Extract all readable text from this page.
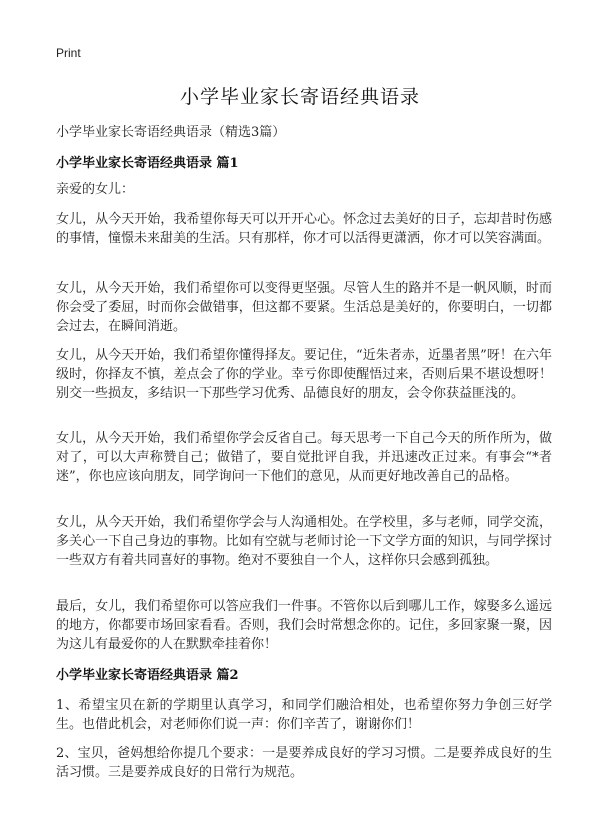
Print
小学毕业家长寄语经典语录
小学毕业家长寄语经典语录（精选3篇）
小学毕业家长寄语经典语录 篇1
亲爱的女儿：
女儿，从今天开始，我希望你每天可以开开心心。怀念过去美好的日子，忘却昔时伤感的事情，憧憬未来甜美的生活。只有那样，你才可以活得更潇洒，你才可以笑容满面。
女儿，从今天开始，我们希望你可以变得更坚强。尽管人生的路并不是一帆风顺，时而你会受了委屈，时而你会做错事，但这都不要紧。生活总是美好的，你要明白，一切都会过去，在瞬间消逝。
女儿，从今天开始，我们希望你懂得择友。要记住，“近朱者赤，近墨者黑”呀！在六年级时，你择友不慎，差点会了你的学业。幸亏你即使醒悟过来，否则后果不堪设想呀！别交一些损友，多结识一下那些学习优秀、品德良好的朋友，会令你获益匪浅的。
女儿，从今天开始，我们希望你学会反省自己。每天思考一下自己今天的所作所为，做对了，可以大声称赞自己；做错了，要自觉批评自我，并迅速改正过来。有事会“*者迷”，你也应该向朋友，同学询问一下他们的意见，从而更好地改善自己的品格。
女儿，从今天开始，我们希望你学会与人沟通相处。在学校里，多与老师，同学交流，多关心一下自己身边的事物。比如有空就与老师讨论一下文学方面的知识，与同学探讨一些双方有着共同喜好的事物。绝对不要独自一个人，这样你只会感到孤独。
最后，女儿，我们希望你可以答应我们一件事。不管你以后到哪儿工作，嫁娶多么遥远的地方，你都要市场回家看看。否则，我们会时常想念你的。记住，多回家聚一聚，因为这儿有最爱你的人在默默牵挂着你！
小学毕业家长寄语经典语录 篇2
1、希望宝贝在新的学期里认真学习，和同学们融洽相处，也希望你努力争创三好学生。也借此机会，对老师你们说一声：你们辛苦了，谢谢你们！
2、宝贝，爸妈想给你提几个要求：一是要养成良好的学习习惯。二是要养成良好的生活习惯。三是要养成良好的日常行为规范。
